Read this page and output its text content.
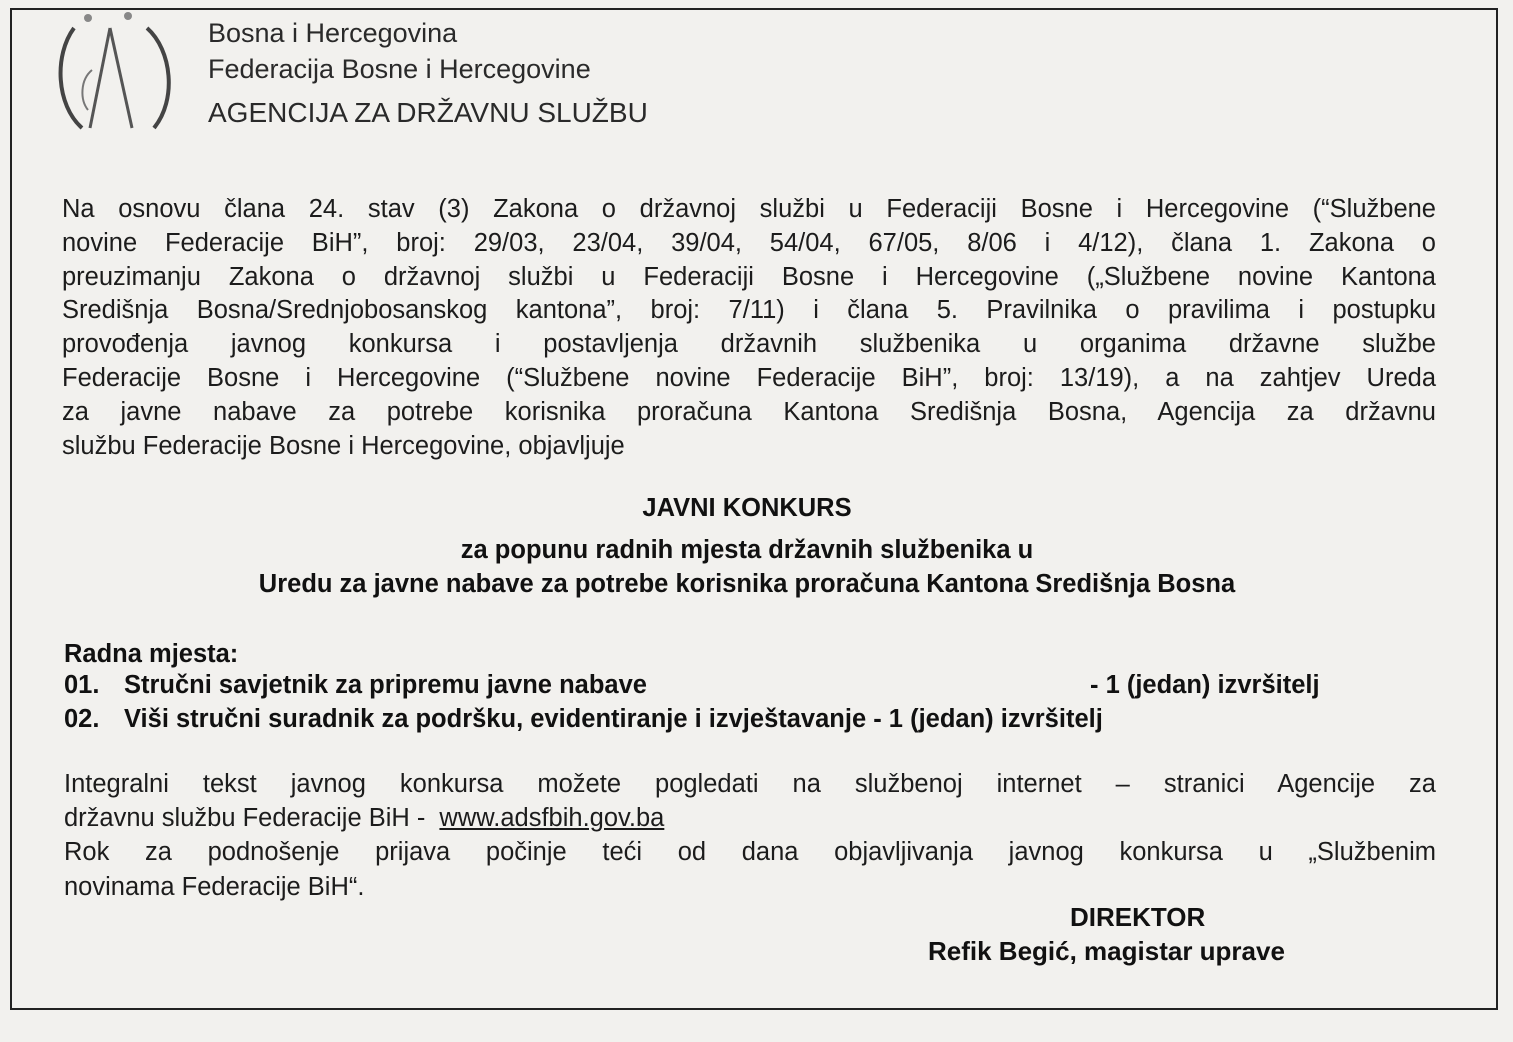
Bosna i Hercegovina
Federacija Bosne i Hercegovine
AGENCIJA ZA DRŽAVNU SLUŽBU
Na osnovu člana 24. stav (3) Zakona o državnoj službi u Federaciji Bosne i Hercegovine (“Službene
novine Federacije BiH”, broj: 29/03, 23/04, 39/04, 54/04, 67/05, 8/06 i 4/12), člana 1. Zakona o
preuzimanju Zakona o državnoj službi u Federaciji Bosne i Hercegovine („Službene novine Kantona
Središnja Bosna/Srednjobosanskog kantona”, broj: 7/11) i člana 5. Pravilnika o pravilima i postupku
provođenja javnog konkursa i postavljenja državnih službenika u organima državne službe
Federacije Bosne i Hercegovine (“Službene novine Federacije BiH”, broj: 13/19), a na zahtjev Ureda
za javne nabave za potrebe korisnika proračuna Kantona Središnja Bosna, Agencija za državnu
službu Federacije Bosne i Hercegovine, objavljuje
JAVNI KONKURS
za popunu radnih mjesta državnih službenika u
Uredu za javne nabave za potrebe korisnika proračuna Kantona Središnja Bosna
Radna mjesta:
01. Stručni savjetnik za pripremu javne nabave	- 1 (jedan) izvršitelj
02. Viši stručni suradnik za podršku, evidentiranje i izvještavanje - 1 (jedan) izvršitelj
Integralni tekst javnog konkursa možete pogledati na službenoj internet – stranici Agencije za
državnu službu Federacije BiH - www.adsfbih.gov.ba
Rok za podnošenje prijava počinje teći od dana objavljivanja javnog konkursa u „Službenim
novinama Federacije BiH“.
DIREKTOR
Refik Begić, magistar uprave
